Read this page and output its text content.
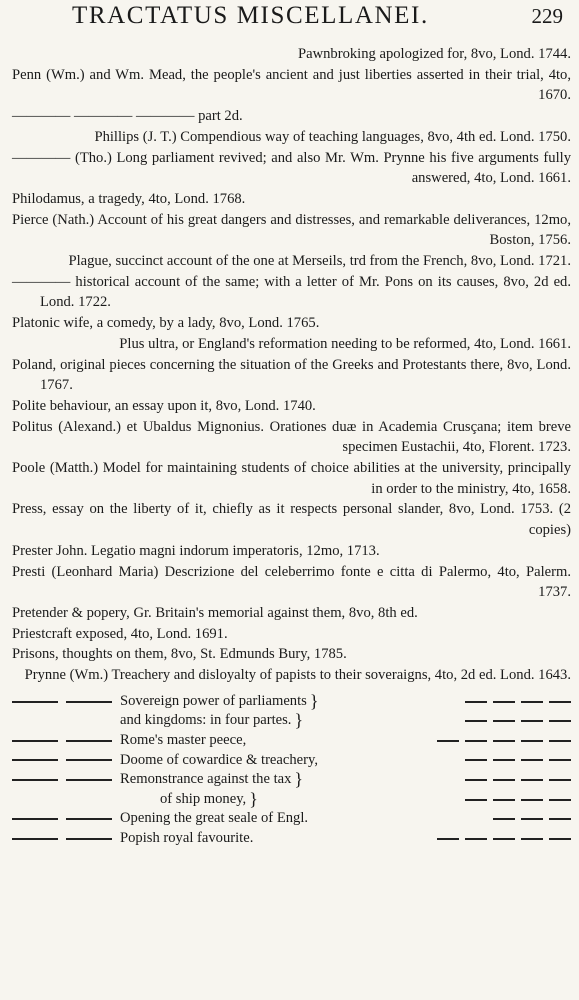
TRACTATUS MISCELLANEI.	229
Pawnbroking apologized for, 8vo, Lond. 1744.
Penn (Wm.) and Wm. Mead, the people's ancient and just liberties asserted in their trial, 4to, 1670.
———— ———— ———— part 2d.
Phillips (J. T.) Compendious way of teaching languages, 8vo, 4th ed. Lond. 1750.
———— (Tho.) Long parliament revived; and also Mr. Wm. Prynne his five arguments fully answered, 4to, Lond. 1661.
Philodamus, a tragedy, 4to, Lond. 1768.
Pierce (Nath.) Account of his great dangers and distresses, and remarkable deliverances, 12mo, Boston, 1756.
Plague, succinct account of the one at Merseils, trd from the French, 8vo, Lond. 1721.
———— historical account of the same; with a letter of Mr. Pons on its causes, 8vo, 2d ed. Lond. 1722.
Platonic wife, a comedy, by a lady, 8vo, Lond. 1765.
Plus ultra, or England's reformation needing to be reformed, 4to, Lond. 1661.
Poland, original pieces concerning the situation of the Greeks and Protestants there, 8vo, Lond. 1767.
Polite behaviour, an essay upon it, 8vo, Lond. 1740.
Politus (Alexand.) et Ubaldus Mignonius. Orationes duæ in Academia Crusçana; item breve specimen Eustachii, 4to, Florent. 1723.
Poole (Matth.) Model for maintaining students of choice abilities at the university, principally in order to the ministry, 4to, 1658.
Press, essay on the liberty of it, chiefly as it respects personal slander, 8vo, Lond. 1753. (2 copies)
Prester John. Legatio magni indorum imperatoris, 12mo, 1713.
Presti (Leonhard Maria) Descrizione del celeberrimo fonte e citta di Palermo, 4to, Palerm. 1737.
Pretender & popery, Gr. Britain's memorial against them, 8vo, 8th ed.
Priestcraft exposed, 4to, Lond. 1691.
Prisons, thoughts on them, 8vo, St. Edmunds Bury, 1785.
Prynne (Wm.) Treachery and disloyalty of papists to their soveraigns, 4to, 2d ed. Lond. 1643.
Sovereign power of parliaments }
and kingdoms: in four partes. }
Rome's master peece,
Doome of cowardice & treachery,
Remonstrance against the tax }
of ship money, }
Opening the great seale of Engl.
Popish royal favourite.
